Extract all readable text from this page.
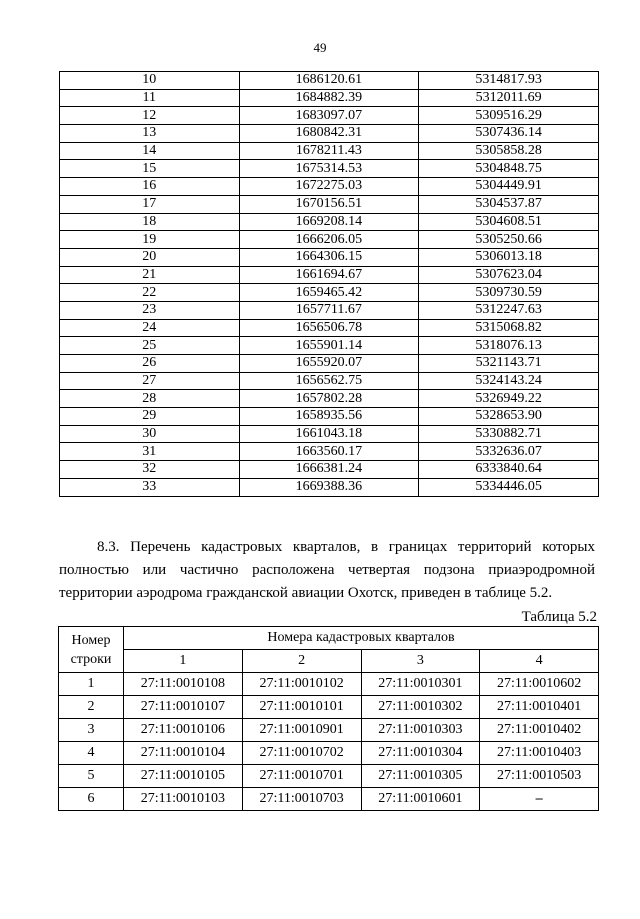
49
10	1686120.61	5314817.93
11	1684882.39	5312011.69
12	1683097.07	5309516.29
13	1680842.31	5307436.14
14	1678211.43	5305858.28
15	1675314.53	5304848.75
16	1672275.03	5304449.91
17	1670156.51	5304537.87
18	1669208.14	5304608.51
19	1666206.05	5305250.66
20	1664306.15	5306013.18
21	1661694.67	5307623.04
22	1659465.42	5309730.59
23	1657711.67	5312247.63
24	1656506.78	5315068.82
25	1655901.14	5318076.13
26	1655920.07	5321143.71
27	1656562.75	5324143.24
28	1657802.28	5326949.22
29	1658935.56	5328653.90
30	1661043.18	5330882.71
31	1663560.17	5332636.07
32	1666381.24	6333840.64
33	1669388.36	5334446.05
8.3. Перечень кадастровых кварталов, в границах территорий которых полностью или частично расположена четвертая подзона приаэродромной территории аэродрома гражданской авиации Охотск, приведен в таблице 5.2.
Таблица 5.2
Номер строки	Номера кадастровых кварталов			
	1	2	3	4
1	27:11:0010108	27:11:0010102	27:11:0010301	27:11:0010602
2	27:11:0010107	27:11:0010101	27:11:0010302	27:11:0010401
3	27:11:0010106	27:11:0010901	27:11:0010303	27:11:0010402
4	27:11:0010104	27:11:0010702	27:11:0010304	27:11:0010403
5	27:11:0010105	27:11:0010701	27:11:0010305	27:11:0010503
6	27:11:0010103	27:11:0010703	27:11:0010601	–
